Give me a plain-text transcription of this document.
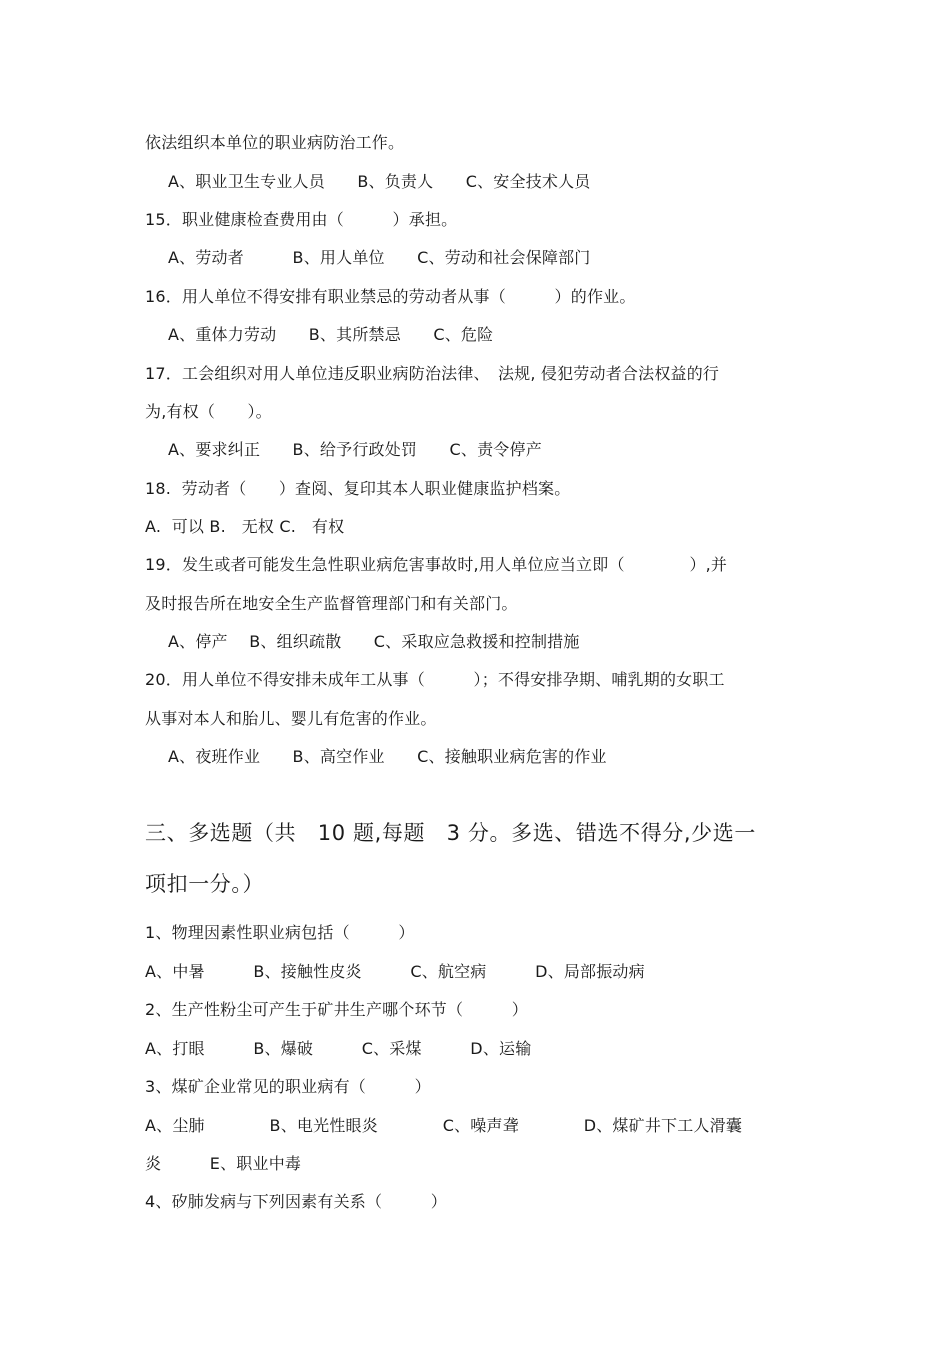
依法组织本单位的职业病防治工作。
A、职业卫生专业人员　　B、负责人　　C、安全技术人员
15．职业健康检查费用由（　　　）承担。
A、劳动者　　　B、用人单位　　C、劳动和社会保障部门
16．用人单位不得安排有职业禁忌的劳动者从事（　　　）的作业。
A、重体力劳动　　B、其所禁忌　　C、危险
17．工会组织对用人单位违反职业病防治法律、　法规, 侵犯劳动者合法权益的行
为,有权（　　）。
A、要求纠正　　B、给予行政处罚　　C、责令停产
18.  劳动者（　　）查阅、复印其本人职业健康监护档案。
A.  可以 B.   无权 C.   有权
19．发生或者可能发生急性职业病危害事故时,用人单位应当立即（　　　　）,并
及时报告所在地安全生产监督管理部门和有关部门。
A、停产　 B、组织疏散　　C、采取应急救援和控制措施
20．用人单位不得安排未成年工从事（　　　）；不得安排孕期、哺乳期的女职工
从事对本人和胎儿、婴儿有危害的作业。
A、夜班作业　　B、高空作业　　C、接触职业病危害的作业
三、多选题（共　10 题,每题　3 分。多选、错选不得分,少选一
项扣一分。）
1、物理因素性职业病包括（　　　）
A、中暑　　　B、接触性皮炎　　　C、航空病　　　D、局部振动病
2、生产性粉尘可产生于矿井生产哪个环节（　　　）
A、打眼　　　B、爆破　　　C、采煤　　　D、运输
3、煤矿企业常见的职业病有（　　　）
A、尘肺　　　　B、电光性眼炎　　　　C、噪声聋　　　　D、煤矿井下工人滑囊
炎　　　E、职业中毒
4、矽肺发病与下列因素有关系（　　　）
